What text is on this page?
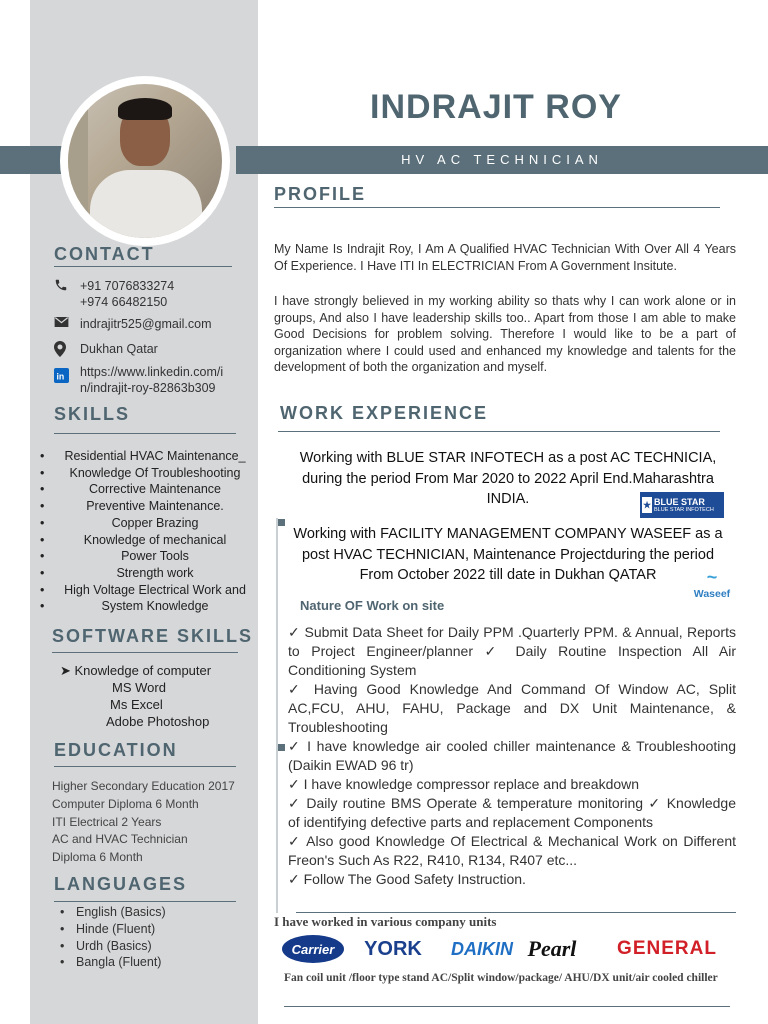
INDRAJIT ROY
HV AC TECHNICIAN
CONTACT
+91 7076833274
+974 66482150
indrajitr525@gmail.com
Dukhan Qatar
in https://www.linkedin.com/i
n/indrajit-roy-82863b309
SKILLS
• Residential HVAC Maintenance_
• Knowledge Of Troubleshooting
• Corrective Maintenance
• Preventive Maintenance.
• Copper Brazing
• Knowledge of mechanical
• Power Tools
• Strength work
• High Voltage Electrical Work and
• System Knowledge
SOFTWARE SKILLS
➤ Knowledge of computer
MS Word
Ms Excel
Adobe Photoshop
EDUCATION
Higher Secondary Education 2017
Computer Diploma 6 Month
ITI Electrical 2 Years
AC and HVAC Technician
Diploma 6 Month
LANGUAGES
• English (Basics)
• Hinde (Fluent)
• Urdh (Basics)
• Bangla (Fluent)
PROFILE
My Name Is Indrajit Roy, I Am A Qualified HVAC Technician With Over All 4 Years Of Experience. I Have ITI In ELECTRICIAN From A Government Insitute.
I have strongly believed in my working ability so thats why I can work alone or in groups, And also I have leadership skills too.. Apart from those I am able to make Good Decisions for problem solving. Therefore I would like to be a part of organization where I could used and enhanced my knowledge and talents for the development of both the organization and myself.
WORK EXPERIENCE
Working with BLUE STAR INFOTECH as a post AC TECHNICIA, during the period From Mar 2020 to 2022 April End.Maharashtra INDIA.	★ BLUE STAR
BLUE STAR INFOTECH
Working with FACILITY MANAGEMENT COMPANY WASEEF as a post HVAC TECHNICIAN, Maintenance Projectduring the period From October 2022 till date in Dukhan QATAR	~
Waseef
Nature OF Work on site

✓ Submit Data Sheet for Daily PPM .Quarterly PPM. & Annual, Reports to Project Engineer/planner ✓ Daily Routine Inspection All Air Conditioning System

✓ Having Good Knowledge And Command Of Window AC, Split AC,FCU, AHU, FAHU, Package and DX Unit Maintenance, & Troubleshooting

✓ I have knowledge air cooled chiller maintenance & Troubleshooting (Daikin EWAD 96 tr)

✓ I have knowledge compressor replace and breakdown

✓ Daily routine BMS Operate & temperature monitoring ✓ Knowledge of identifying defective parts and replacement Components

✓ Also good Knowledge Of Electrical & Mechanical Work on Different Freon's Such As R22, R410, R134, R407 etc...

✓ Follow The Good Safety Instruction.

I have worked in various company units
Carrier	YORK	DAIKIN Pearl	GENERAL
Fan coil unit /floor type stand AC/Split window/package/ AHU/DX unit/air cooled chiller
